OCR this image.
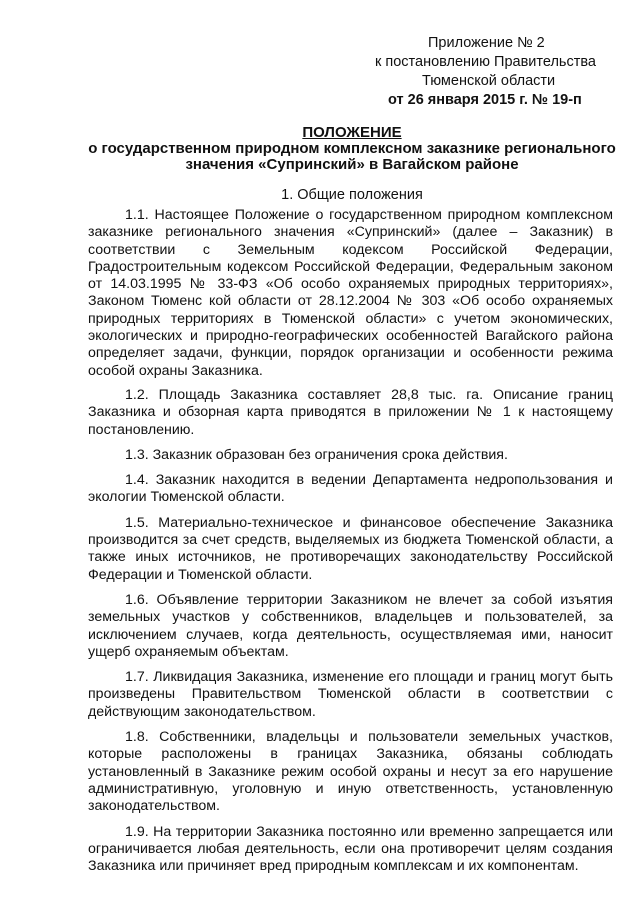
Приложение № 2
к постановлению Правительства
Тюменской области
от 26 января 2015 г. № 19-п
ПОЛОЖЕНИЕ
о государственном природном комплексном заказнике регионального значения «Супринский» в Вагайском районе
1. Общие положения

1.1. Настоящее Положение о государственном природном комплексном заказнике регионального значения «Супринский» (далее – Заказник) в соответствии с Земельным кодексом Российской Федерации, Градостроительным кодексом Российской Федерации, Федеральным законом от 14.03.1995 № 33-ФЗ «Об особо охраняемых природных территориях», Законом Тюменс кой области от 28.12.2004 № 303 «Об особо охраняемых природных территориях в Тюменской области» с учетом экономических, экологических и природно-географических особенностей Вагайского района определяет задачи, функции, порядок организации и особенности режима особой охраны Заказника.

1.2. Площадь Заказника составляет 28,8 тыс. га. Описание границ Заказника и обзорная карта приводятся в приложении № 1 к настоящему постановлению.

1.3. Заказник образован без ограничения срока действия.

1.4. Заказник находится в ведении Департамента недропользования и экологии Тюменской области.

1.5. Материально-техническое и финансовое обеспечение Заказника производится за счет средств, выделяемых из бюджета Тюменской области, а также иных источников, не противоречащих законодательству Российской Федерации и Тюменской области.

1.6. Объявление территории Заказником не влечет за собой изъятия земельных участков у собственников, владельцев и пользователей, за исключением случаев, когда деятельность, осуществляемая ими, наносит ущерб охраняемым объектам.

1.7. Ликвидация Заказника, изменение его площади и границ могут быть произведены Правительством Тюменской области в соответствии с действующим законодательством.

1.8. Собственники, владельцы и пользователи земельных участков, которые расположены в границах Заказника, обязаны соблюдать установленный в Заказнике режим особой охраны и несут за его нарушение административную, уголовную и иную ответственность, установленную законодательством.

1.9. На территории Заказника постоянно или временно запрещается или ограничивается любая деятельность, если она противоречит целям создания Заказника или причиняет вред природным комплексам и их компонентам.
